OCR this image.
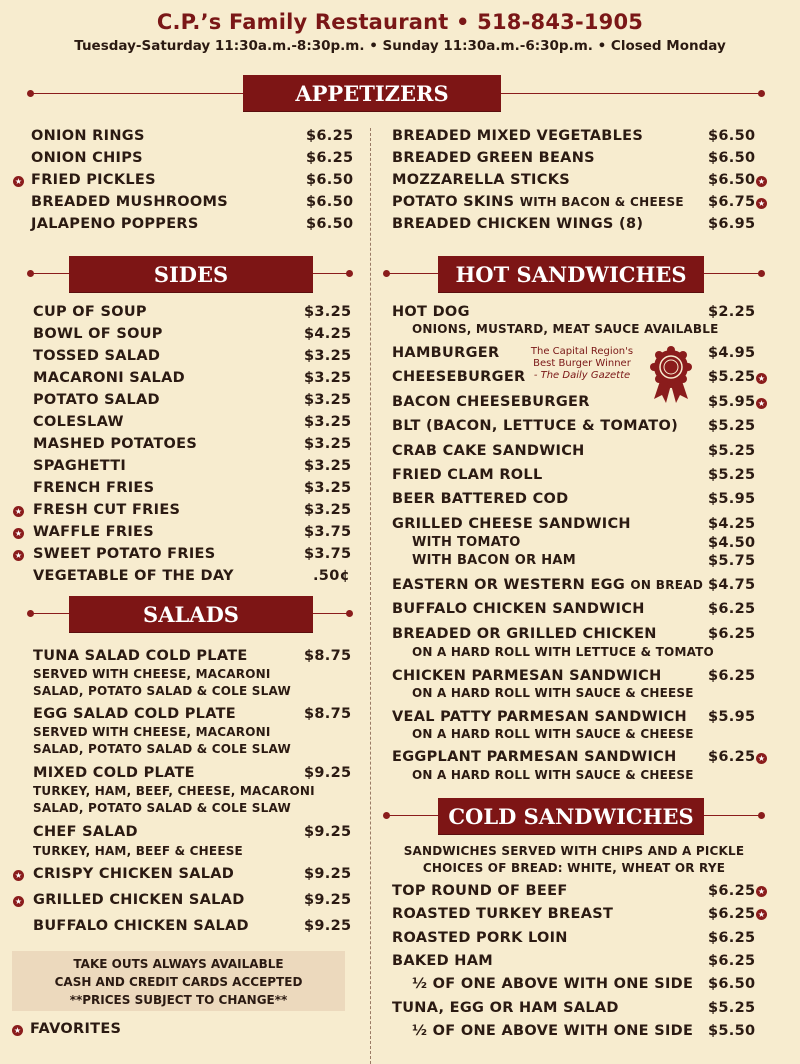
C.P.’s Family Restaurant • 518-843-1905
Tuesday-Saturday 11:30a.m.-8:30p.m. • Sunday 11:30a.m.-6:30p.m. • Closed Monday
APPETIZERS
ONION RINGS	$6.25
ONION CHIPS	$6.25
★ FRIED PICKLES	$6.50
BREADED MUSHROOMS	$6.50
JALAPENO POPPERS	$6.50
BREADED MIXED VEGETABLES	$6.50
BREADED GREEN BEANS	$6.50
MOZZARELLA STICKS	$6.50 ★
POTATO SKINS WITH BACON & CHEESE $6.75 ★
BREADED CHICKEN WINGS (8)	$6.95
SIDES
CUP OF SOUP	$3.25
BOWL OF SOUP	$4.25
TOSSED SALAD	$3.25
MACARONI SALAD	$3.25
POTATO SALAD	$3.25
COLESLAW	$3.25
MASHED POTATOES	$3.25
SPAGHETTI	$3.25
FRENCH FRIES	$3.25
★ FRESH CUT FRIES	$3.25
★ WAFFLE FRIES	$3.75
★ SWEET POTATO FRIES	$3.75
VEGETABLE OF THE DAY	.50¢
SALADS
TUNA SALAD COLD PLATE	$8.75
SERVED WITH CHEESE, MACARONI
SALAD, POTATO SALAD & COLE SLAW
EGG SALAD COLD PLATE	$8.75
SERVED WITH CHEESE, MACARONI
SALAD, POTATO SALAD & COLE SLAW
MIXED COLD PLATE	$9.25
TURKEY, HAM, BEEF, CHEESE, MACARONI
SALAD, POTATO SALAD & COLE SLAW
CHEF SALAD	$9.25
TURKEY, HAM, BEEF & CHEESE
★ CRISPY CHICKEN SALAD	$9.25
★ GRILLED CHICKEN SALAD	$9.25
BUFFALO CHICKEN SALAD	$9.25
TAKE OUTS ALWAYS AVAILABLE
CASH AND CREDIT CARDS ACCEPTED
**PRICES SUBJECT TO CHANGE**
★ FAVORITES
HOT SANDWICHES
HOT DOG	$2.25
ONIONS, MUSTARD, MEAT SAUCE AVAILABLE
HAMBURGER	$4.95
CHEESEBURGER	$5.25 ★
The Capital Region's
Best Burger Winner
- The Daily Gazette
BACON CHEESEBURGER	$5.95 ★
BLT (BACON, LETTUCE & TOMATO) $5.25
CRAB CAKE SANDWICH	$5.25
FRIED CLAM ROLL	$5.25
BEER BATTERED COD	$5.95
GRILLED CHEESE SANDWICH	$4.25
WITH TOMATO	$4.50
WITH BACON OR HAM	$5.75
EASTERN OR WESTERN EGG ON BREAD $4.75
BUFFALO CHICKEN SANDWICH	$6.25
BREADED OR GRILLED CHICKEN	$6.25
ON A HARD ROLL WITH LETTUCE & TOMATO
CHICKEN PARMESAN SANDWICH	$6.25
ON A HARD ROLL WITH SAUCE & CHEESE
VEAL PATTY PARMESAN SANDWICH $5.95
ON A HARD ROLL WITH SAUCE & CHEESE
EGGPLANT PARMESAN SANDWICH $6.25 ★
ON A HARD ROLL WITH SAUCE & CHEESE
COLD SANDWICHES
SANDWICHES SERVED WITH CHIPS AND A PICKLE
CHOICES OF BREAD: WHITE, WHEAT OR RYE
TOP ROUND OF BEEF	$6.25 ★
ROASTED TURKEY BREAST	$6.25 ★
ROASTED PORK LOIN	$6.25
BAKED HAM	$6.25
½ OF ONE ABOVE WITH ONE SIDE $6.50
TUNA, EGG OR HAM SALAD	$5.25
½ OF ONE ABOVE WITH ONE SIDE $5.50
